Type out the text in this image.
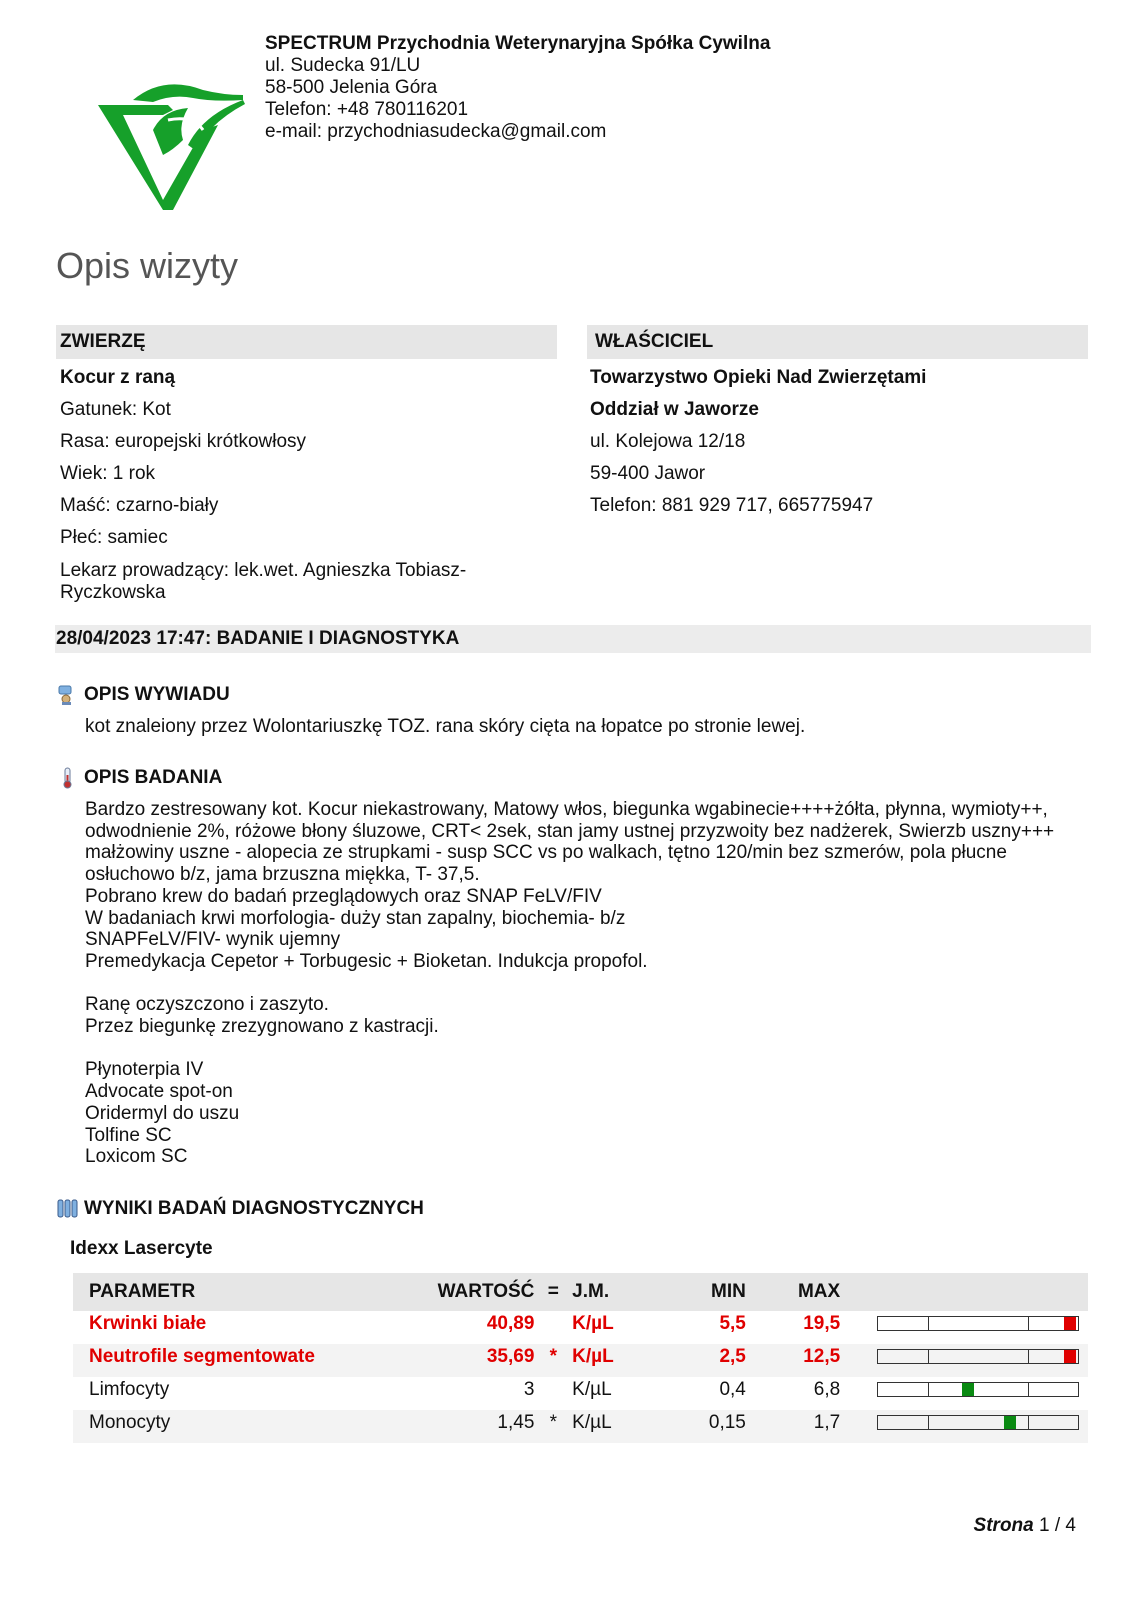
SPECTRUM Przychodnia Weterynaryjna Spółka Cywilna
ul. Sudecka 91/LU
58-500 Jelenia Góra
Telefon: +48 780116201
e-mail: przychodniasudecka@gmail.com
Opis wizyty
ZWIERZĘ
Kocur z raną
Gatunek: Kot
Rasa: europejski krótkowłosy
Wiek: 1 rok
Maść: czarno-biały
Płeć: samiec
Lekarz prowadzący: lek.wet. Agnieszka Tobiasz-Ryczkowska
WŁAŚCICIEL
Towarzystwo Opieki Nad Zwierzętami
Oddział w Jaworze
ul. Kolejowa 12/18
59-400 Jawor
Telefon: 881 929 717, 665775947
28/04/2023 17:47: BADANIE I DIAGNOSTYKA
OPIS WYWIADU
kot znaleiony przez Wolontariuszkę TOZ. rana skóry cięta na łopatce po stronie lewej.
OPIS BADANIA
Bardzo zestresowany kot. Kocur niekastrowany, Matowy włos, biegunka wgabinecie++++żółta, płynna, wymioty++, odwodnienie 2%, różowe błony śluzowe, CRT< 2sek, stan jamy ustnej przyzwoity bez nadżerek, Swierzb uszny+++ małżowiny uszne - alopecia ze strupkami - susp SCC vs po walkach, tętno 120/min bez szmerów, pola płucne osłuchowo b/z, jama brzuszna miękka, T- 37,5.
Pobrano krew do badań przeglądowych oraz SNAP FeLV/FIV
W badaniach krwi morfologia- duży stan zapalny, biochemia- b/z
SNAPFeLV/FIV- wynik ujemny
Premedykacja Cepetor + Torbugesic + Bioketan. Indukcja propofol.

Ranę oczyszczono i zaszyto.
Przez biegunkę zrezygnowano z kastracji.

Płynoterpia IV
Advocate spot-on
Oridermyl do uszu
Tolfine SC
Loxicom SC
WYNIKI BADAŃ DIAGNOSTYCZNYCH
Idexx Lasercyte
PARAMETR	WARTOŚĆ	=	J.M.	MIN	MAX		
Krwinki białe	40,89		K/µL	5,5	19,5		

Neutrofile segmentowate	35,69	*	K/µL	2,5	12,5		

Limfocyty	3		K/µL	0,4	6,8		

Monocyty	1,45	*	K/µL	0,15	1,7		
Strona 1 / 4
